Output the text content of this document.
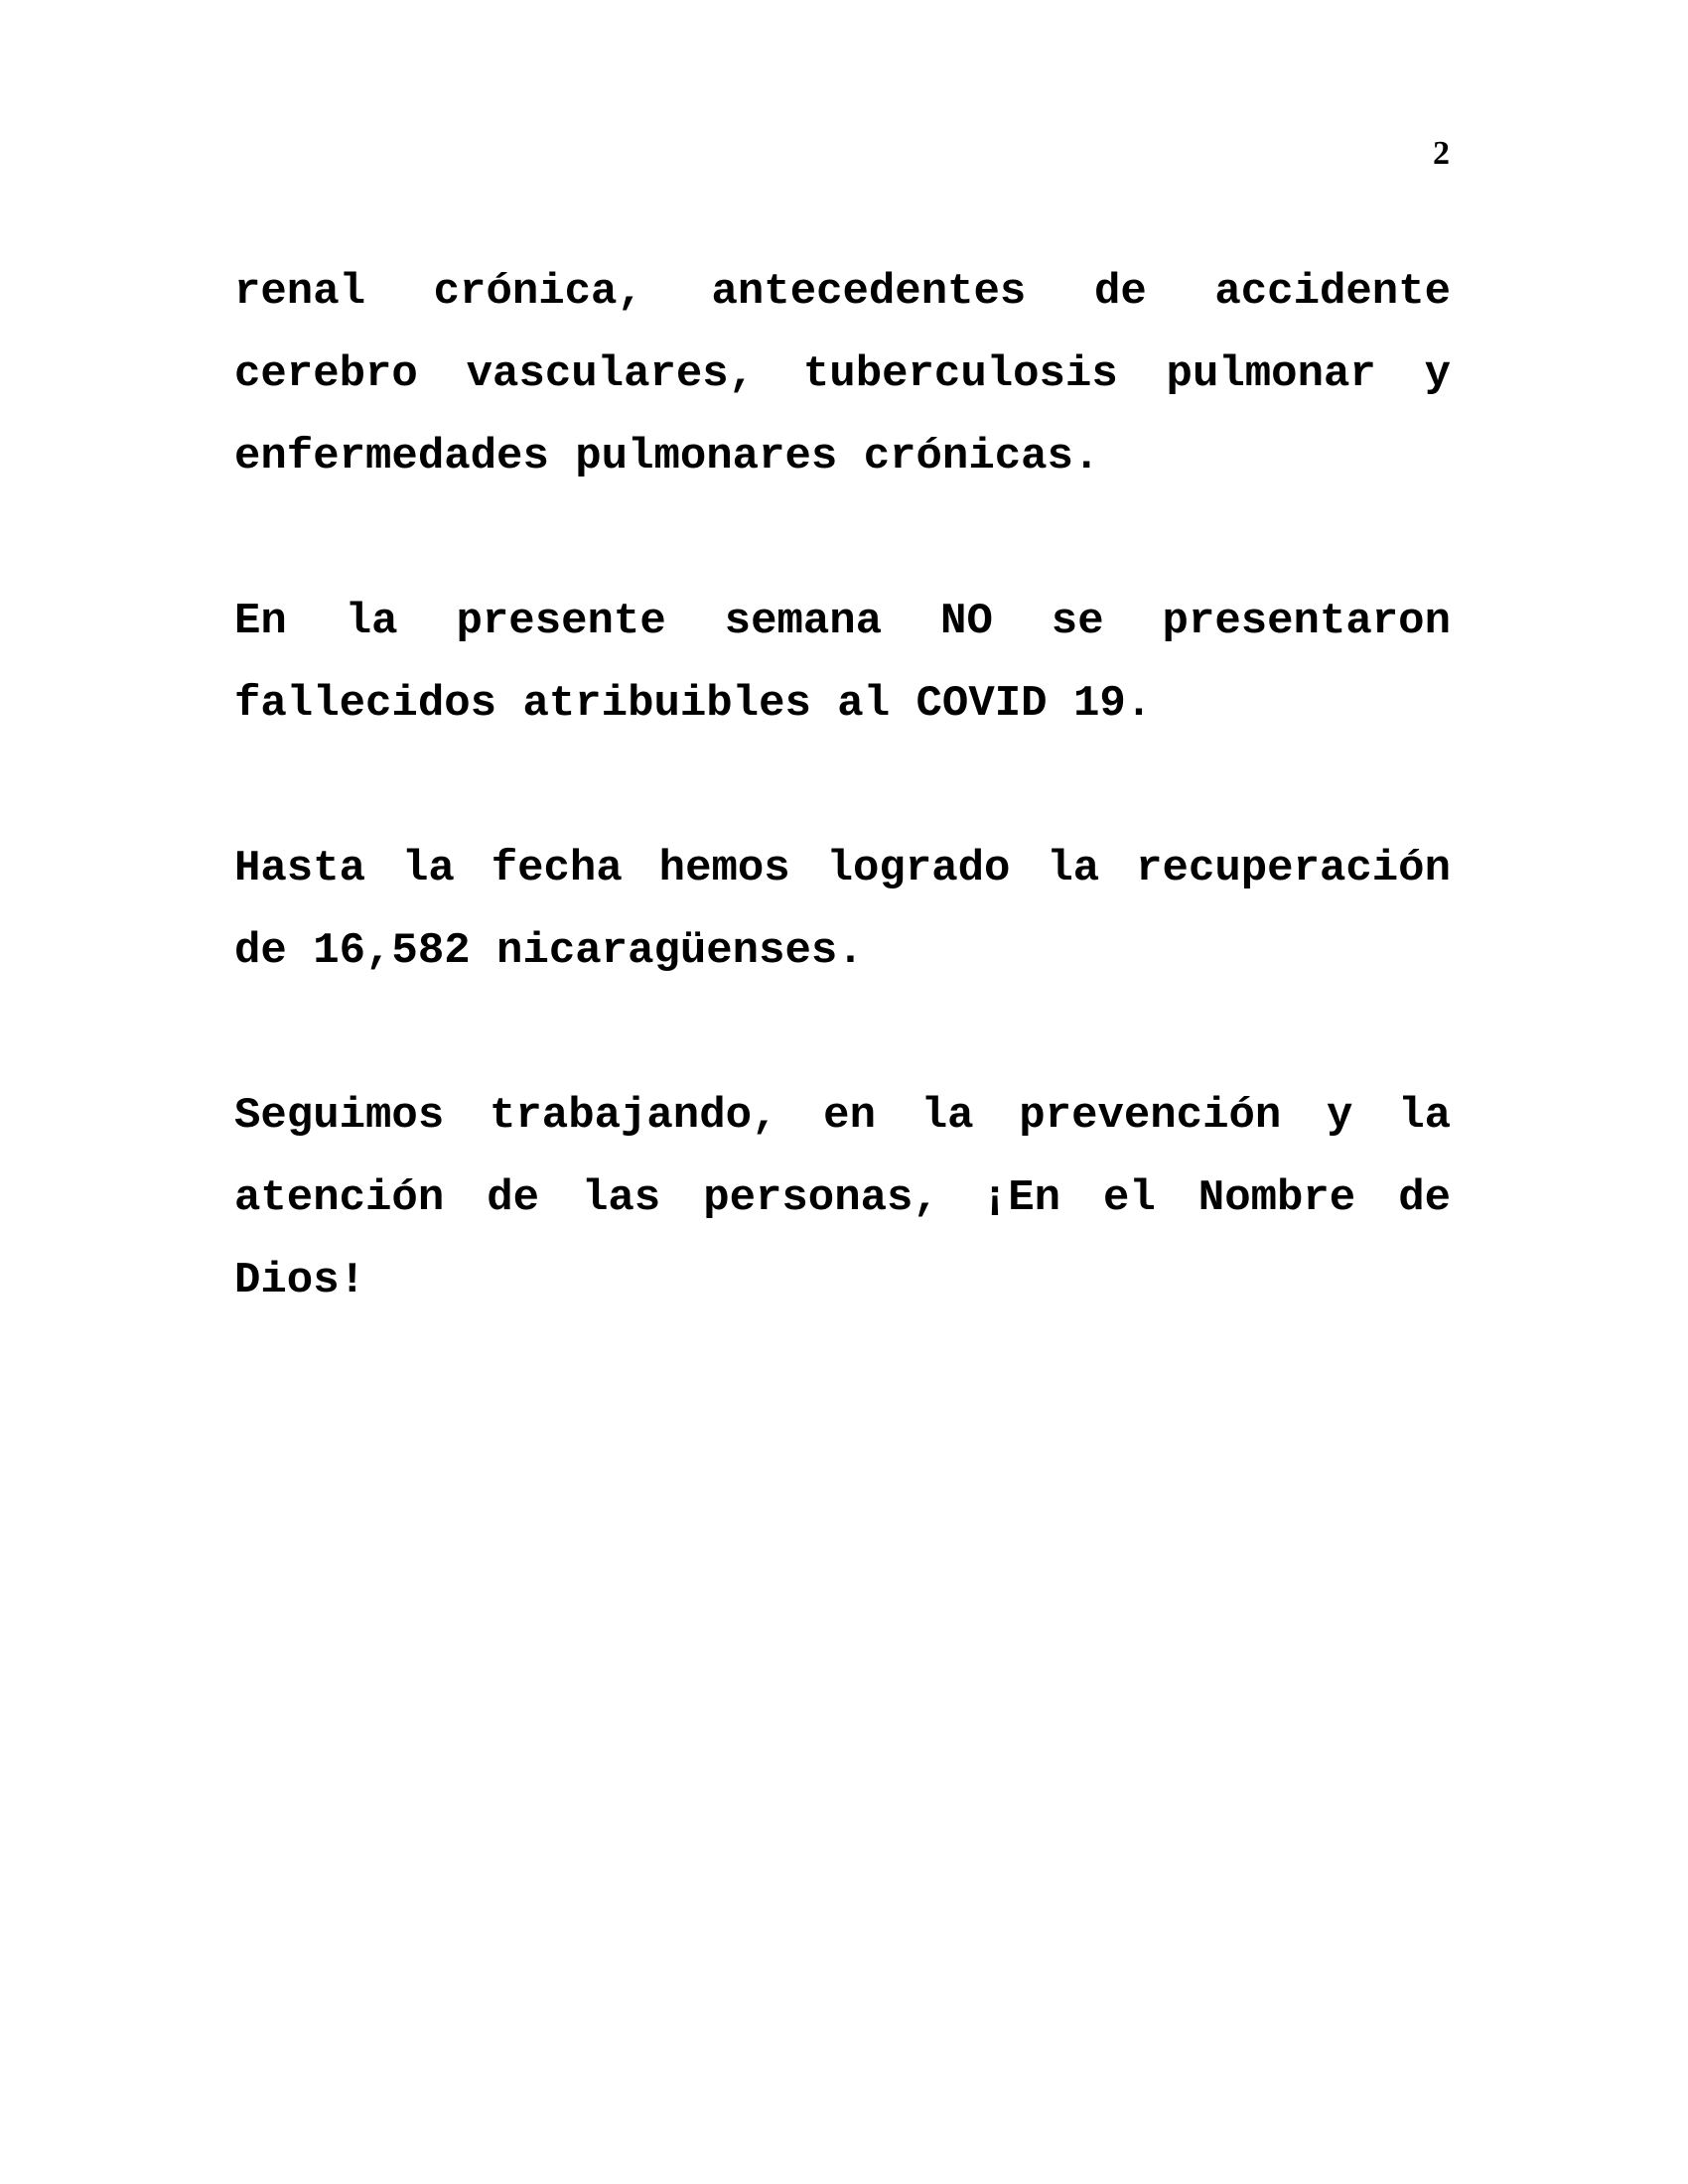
2

renal crónica, antecedentes de accidente cerebro vasculares, tuberculosis pulmonar y enfermedades pulmonares crónicas.

En la presente semana NO se presentaron fallecidos atribuibles al COVID 19.

Hasta la fecha hemos logrado la recuperación de 16,582 nicaragüenses.

Seguimos trabajando, en la prevención y la atención de las personas, ¡En el Nombre de Dios!
